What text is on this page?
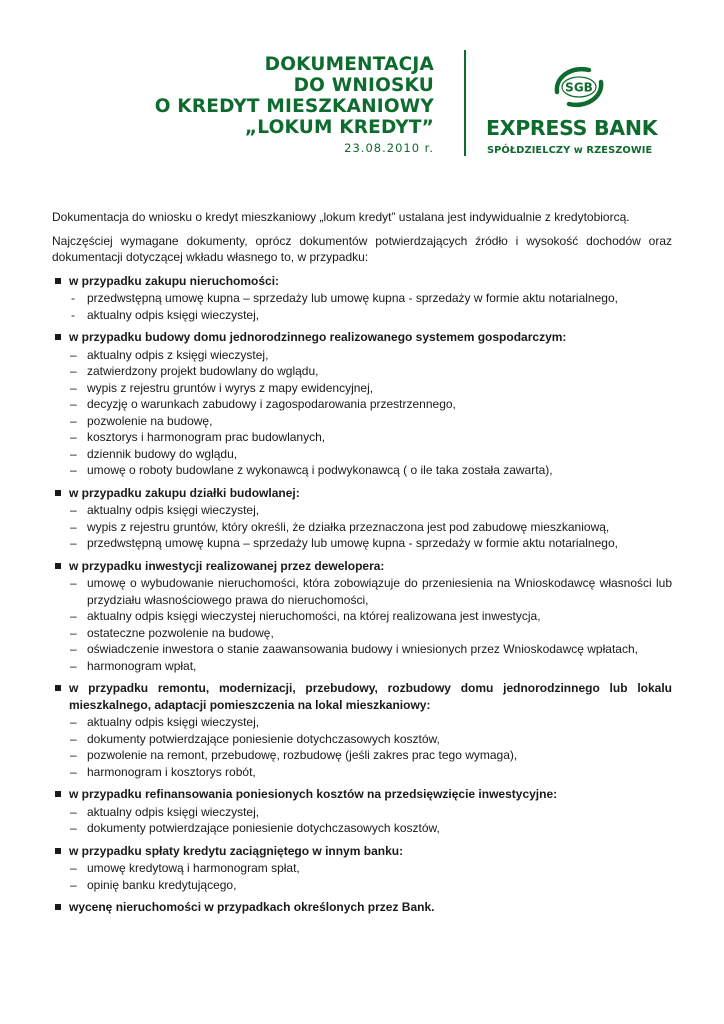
DOKUMENTACJA
DO WNIOSKU
O KREDYT MIESZKANIOWY
„LOKUM KREDYT”
23.08.2010 r.
SGB
EXPRESS BANK
SPÓŁDZIELCZY w RZESZOWIE

Dokumentacja do wniosku o kredyt mieszkaniowy „lokum kredyt” ustalana jest indywidualnie z kredytobiorcą.

Najczęściej wymagane dokumenty, oprócz dokumentów potwierdzających źródło i wysokość dochodów oraz dokumentacji dotyczącej wkładu własnego to, w przypadku:

w przypadku zakupu nieruchomości:
- przedwstępną umowę kupna – sprzedaży lub umowę kupna - sprzedaży w formie aktu notarialnego,
- aktualny odpis księgi wieczystej,
w przypadku budowy domu jednorodzinnego realizowanego systemem gospodarczym:
– aktualny odpis z księgi wieczystej,
– zatwierdzony projekt budowlany do wglądu,
– wypis z rejestru gruntów i wyrys z mapy ewidencyjnej,
– decyzję o warunkach zabudowy i zagospodarowania przestrzennego,
– pozwolenie na budowę,
– kosztorys i harmonogram prac budowlanych,
– dziennik budowy do wglądu,
– umowę o roboty budowlane z wykonawcą i podwykonawcą ( o ile taka została zawarta),
w przypadku zakupu działki budowlanej:
– aktualny odpis księgi wieczystej,
– wypis z rejestru gruntów, który określi, że działka przeznaczona jest pod zabudowę mieszkaniową,
– przedwstępną umowę kupna – sprzedaży lub umowę kupna - sprzedaży w formie aktu notarialnego,
w przypadku inwestycji realizowanej przez dewelopera:
– umowę o wybudowanie nieruchomości, która zobowiązuje do przeniesienia na Wnioskodawcę własności lub przydziału własnościowego prawa do nieruchomości,
– aktualny odpis księgi wieczystej nieruchomości, na której realizowana jest inwestycja,
– ostateczne pozwolenie na budowę,
– oświadczenie inwestora o stanie zaawansowania budowy i wniesionych przez Wnioskodawcę wpłatach,
– harmonogram wpłat,
w przypadku remontu, modernizacji, przebudowy, rozbudowy domu jednorodzinnego lub lokalu mieszkalnego, adaptacji pomieszczenia na lokal mieszkaniowy:
– aktualny odpis księgi wieczystej,
– dokumenty potwierdzające poniesienie dotychczasowych kosztów,
– pozwolenie na remont, przebudowę, rozbudowę (jeśli zakres prac tego wymaga),
– harmonogram i kosztorys robót,
w przypadku refinansowania poniesionych kosztów na przedsięwzięcie inwestycyjne:
– aktualny odpis księgi wieczystej,
– dokumenty potwierdzające poniesienie dotychczasowych kosztów,
w przypadku spłaty kredytu zaciągniętego w innym banku:
– umowę kredytową i harmonogram spłat,
– opinię banku kredytującego,
wycenę nieruchomości w przypadkach określonych przez Bank.
